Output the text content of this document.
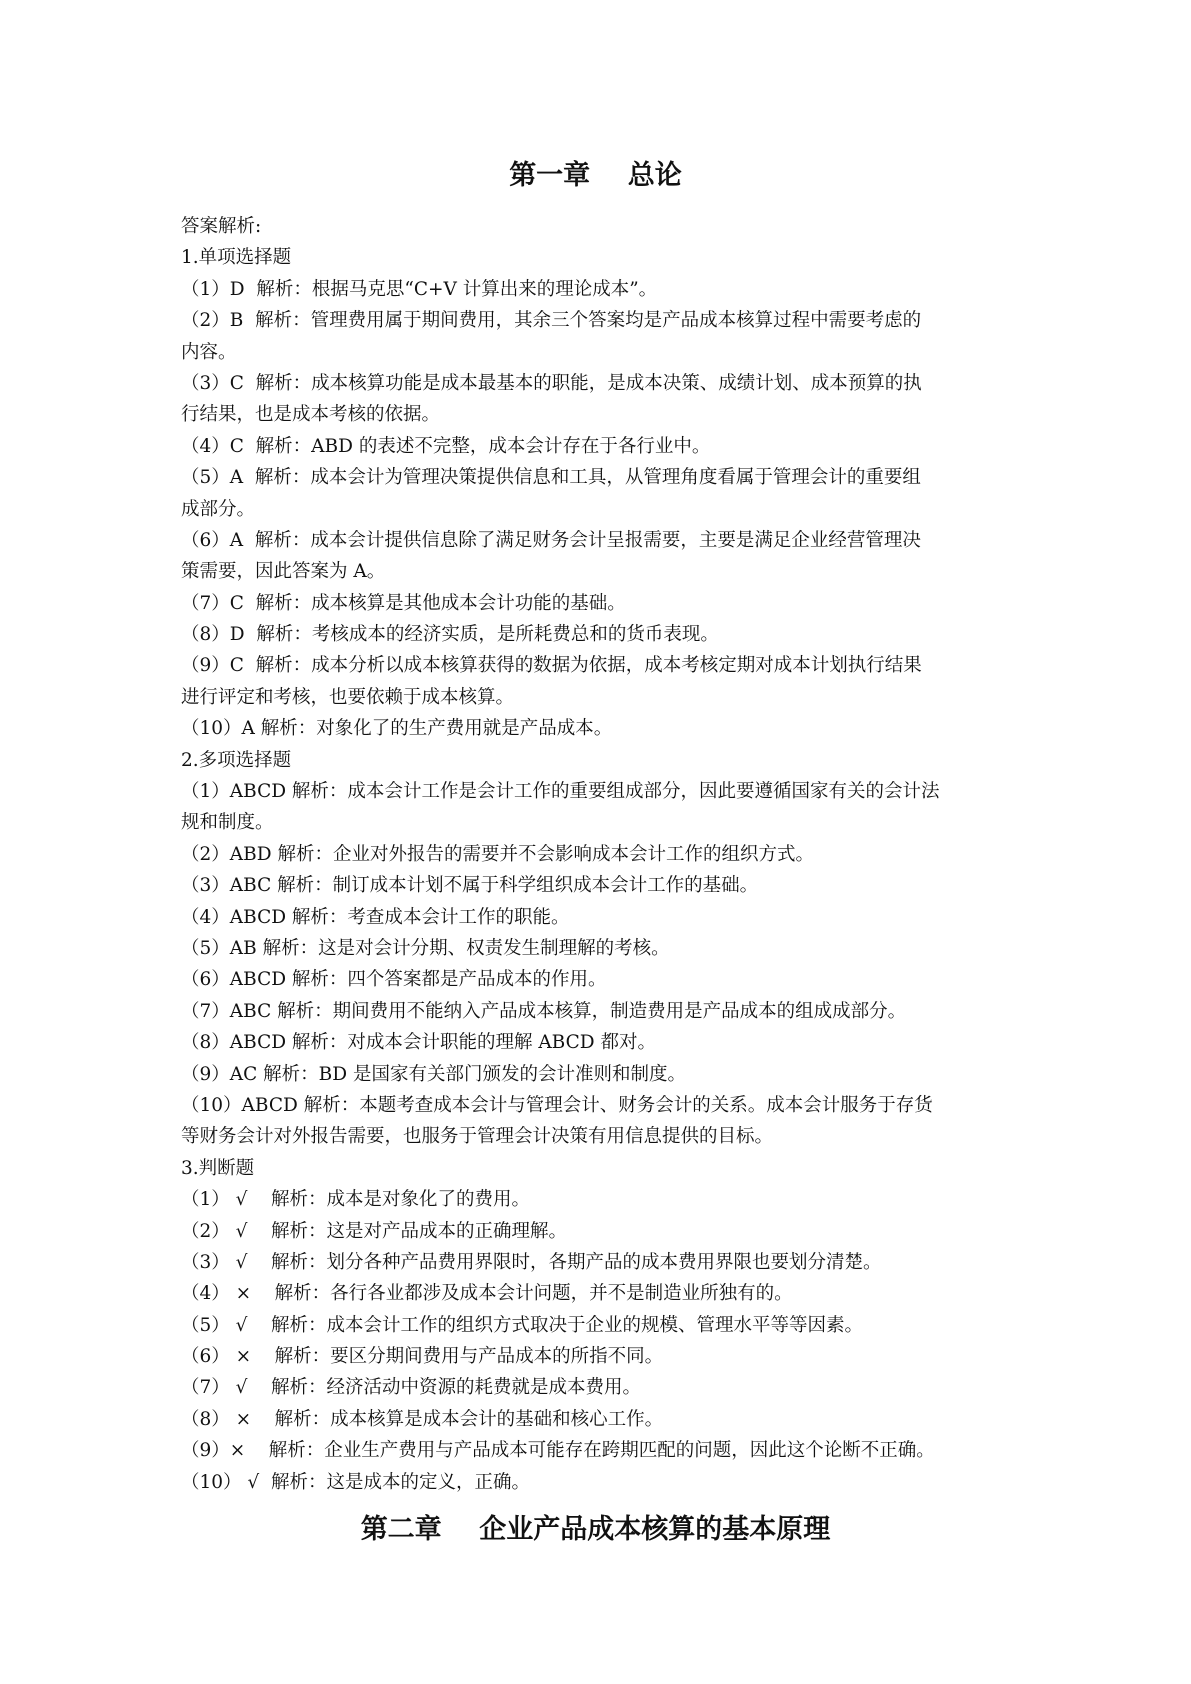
第一章    总论

答案解析:

1.单项选择题

（1）D  解析：根据马克思“C+V 计算出来的理论成本”。

（2）B  解析：管理费用属于期间费用，其余三个答案均是产品成本核算过程中需要考虑的

内容。

（3）C  解析：成本核算功能是成本最基本的职能，是成本决策、成绩计划、成本预算的执

行结果，也是成本考核的依据。

（4）C  解析：ABD 的表述不完整，成本会计存在于各行业中。

（5）A  解析：成本会计为管理决策提供信息和工具，从管理角度看属于管理会计的重要组

成部分。

（6）A  解析：成本会计提供信息除了满足财务会计呈报需要，主要是满足企业经营管理决

策需要，因此答案为 A。

（7）C  解析：成本核算是其他成本会计功能的基础。

（8）D  解析：考核成本的经济实质，是所耗费总和的货币表现。

（9）C  解析：成本分析以成本核算获得的数据为依据，成本考核定期对成本计划执行结果

进行评定和考核，也要依赖于成本核算。

（10）A 解析：对象化了的生产费用就是产品成本。

2.多项选择题

（1）ABCD 解析：成本会计工作是会计工作的重要组成部分，因此要遵循国家有关的会计法

规和制度。

（2）ABD 解析：企业对外报告的需要并不会影响成本会计工作的组织方式。

（3）ABC 解析：制订成本计划不属于科学组织成本会计工作的基础。

（4）ABCD 解析：考查成本会计工作的职能。

（5）AB 解析：这是对会计分期、权责发生制理解的考核。

（6）ABCD 解析：四个答案都是产品成本的作用。

（7）ABC 解析：期间费用不能纳入产品成本核算，制造费用是产品成本的组成成部分。

（8）ABCD 解析：对成本会计职能的理解 ABCD 都对。

（9）AC 解析：BD 是国家有关部门颁发的会计准则和制度。

（10）ABCD 解析：本题考查成本会计与管理会计、财务会计的关系。成本会计服务于存货

等财务会计对外报告需要，也服务于管理会计决策有用信息提供的目标。

3.判断题

（1） √    解析：成本是对象化了的费用。

（2） √    解析：这是对产品成本的正确理解。

（3） √    解析：划分各种产品费用界限时，各期产品的成本费用界限也要划分清楚。

（4） ×    解析：各行各业都涉及成本会计问题，并不是制造业所独有的。

（5） √    解析：成本会计工作的组织方式取决于企业的规模、管理水平等等因素。

（6） ×    解析：要区分期间费用与产品成本的所指不同。

（7） √    解析：经济活动中资源的耗费就是成本费用。

（8） ×    解析：成本核算是成本会计的基础和核心工作。

（9）×    解析：企业生产费用与产品成本可能存在跨期匹配的问题，因此这个论断不正确。

（10） √  解析：这是成本的定义，正确。

第二章    企业产品成本核算的基本原理
